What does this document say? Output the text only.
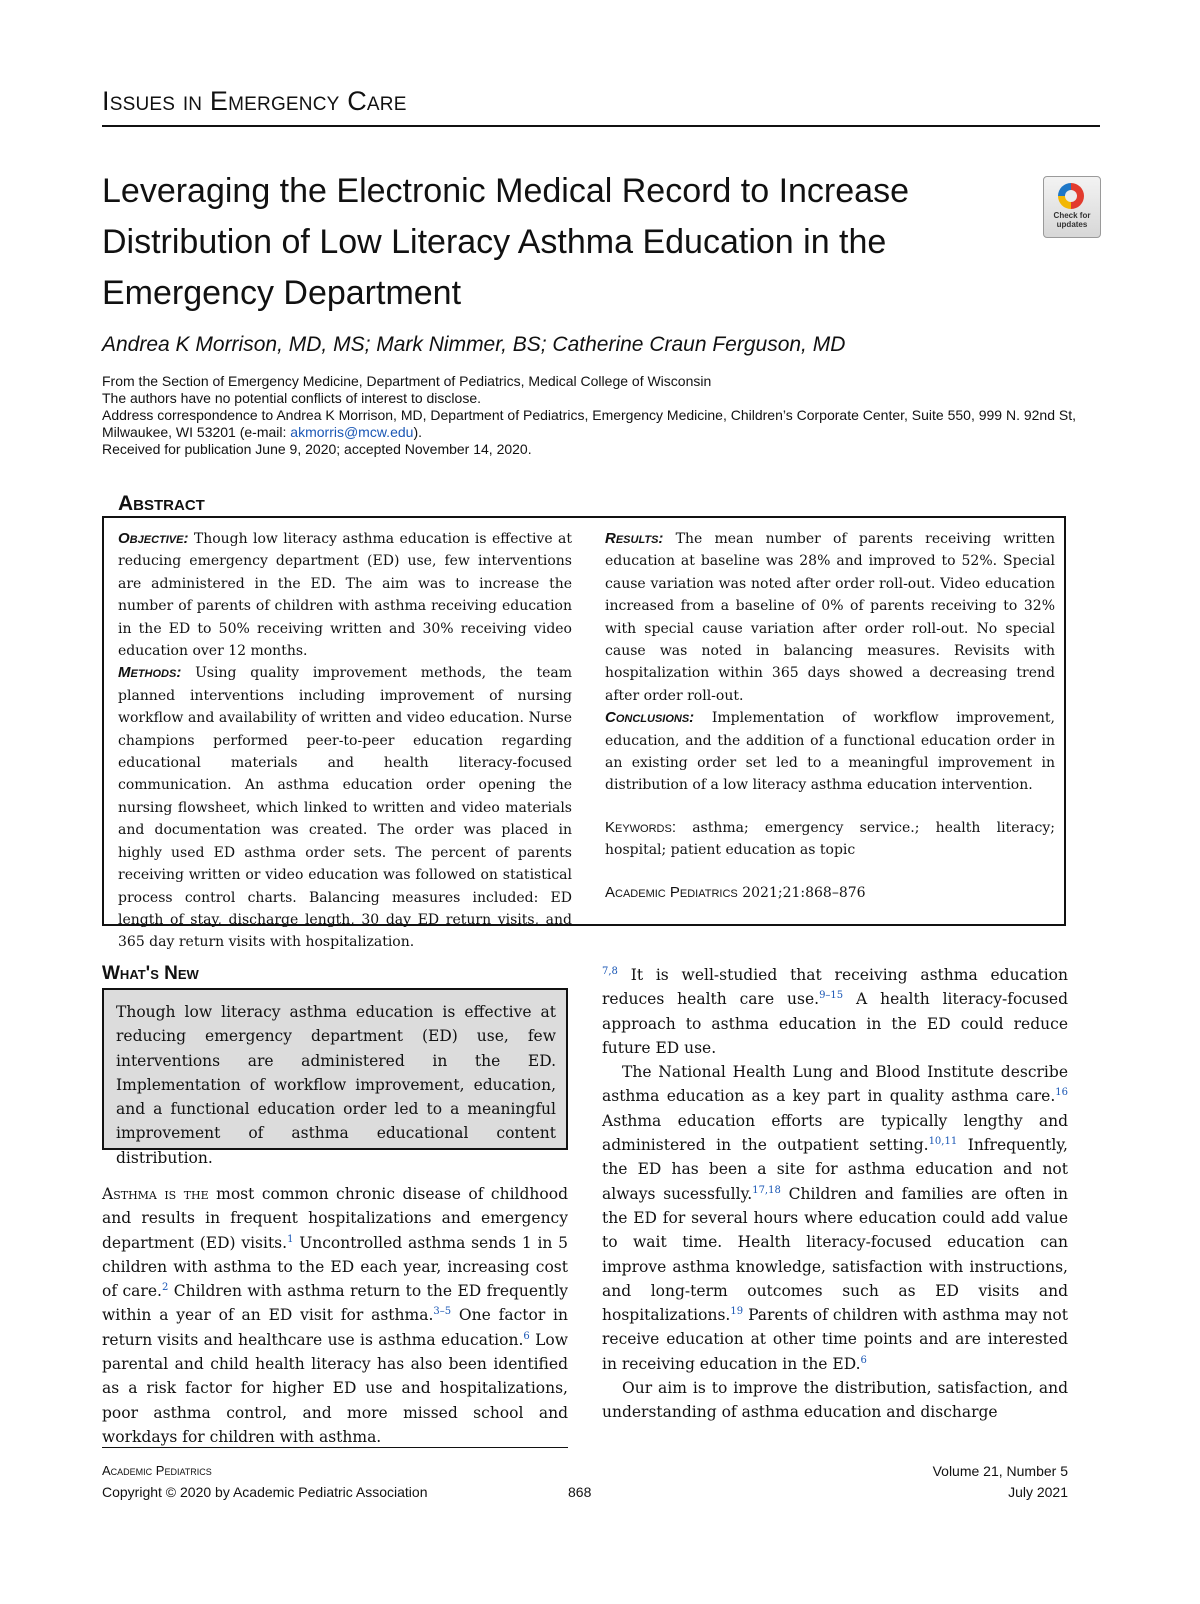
Issues in Emergency Care
Leveraging the Electronic Medical Record to Increase Distribution of Low Literacy Asthma Education in the Emergency Department
Check for updates
Andrea K Morrison, MD, MS; Mark Nimmer, BS; Catherine Craun Ferguson, MD
From the Section of Emergency Medicine, Department of Pediatrics, Medical College of Wisconsin
The authors have no potential conflicts of interest to disclose.
Address correspondence to Andrea K Morrison, MD, Department of Pediatrics, Emergency Medicine, Children’s Corporate Center, Suite 550, 999 N. 92nd St, Milwaukee, WI 53201 (e-mail: akmorris@mcw.edu).
Received for publication June 9, 2020; accepted November 14, 2020.
Abstract

Objective: Though low literacy asthma education is effective at reducing emergency department (ED) use, few interventions are administered in the ED. The aim was to increase the number of parents of children with asthma receiving education in the ED to 50% receiving written and 30% receiving video education over 12 months.

Methods: Using quality improvement methods, the team planned interventions including improvement of nursing workflow and availability of written and video education. Nurse champions performed peer-to-peer education regarding educational materials and health literacy-focused communication. An asthma education order opening the nursing flowsheet, which linked to written and video materials and documentation was created. The order was placed in highly used ED asthma order sets. The percent of parents receiving written or video education was followed on statistical process control charts. Balancing measures included: ED length of stay, discharge length, 30 day ED return visits, and 365 day return visits with hospitalization.

Results: The mean number of parents receiving written education at baseline was 28% and improved to 52%. Special cause variation was noted after order roll-out. Video education increased from a baseline of 0% of parents receiving to 32% with special cause variation after order roll-out. No special cause was noted in balancing measures. Revisits with hospitalization within 365 days showed a decreasing trend after order roll-out.

Conclusions: Implementation of workflow improvement, education, and the addition of a functional education order in an existing order set led to a meaningful improvement in distribution of a low literacy asthma education intervention.

Keywords: asthma; emergency service.; health literacy; hospital; patient education as topic

Academic Pediatrics 2021;21:868–876

What's New
Though low literacy asthma education is effective at reducing emergency department (ED) use, few interventions are administered in the ED. Implementation of workflow improvement, education, and a functional education order led to a meaningful improvement of asthma educational content distribution.

Asthma is the most common chronic disease of childhood and results in frequent hospitalizations and emergency department (ED) visits.$^1$ Uncontrolled asthma sends 1 in 5 children with asthma to the ED each year, increasing cost of care.$^2$ Children with asthma return to the ED frequently within a year of an ED visit for asthma.$^{3-5}$ One factor in return visits and healthcare use is asthma education.$^6$ Low parental and child health literacy has also been identified as a risk factor for higher ED use and hospitalizations, poor asthma control, and more missed school and workdays for children with asthma.

$^{7,8}$ It is well-studied that receiving asthma education reduces health care use.$^{9-15}$ A health literacy-focused approach to asthma education in the ED could reduce future ED use.

The National Health Lung and Blood Institute describe asthma education as a key part in quality asthma care.$^{16}$ Asthma education efforts are typically lengthy and administered in the outpatient setting.$^{10,11}$ Infrequently, the ED has been a site for asthma education and not always sucessfully.$^{17,18}$ Children and families are often in the ED for several hours where education could add value to wait time. Health literacy-focused education can improve asthma knowledge, satisfaction with instructions, and long-term outcomes such as ED visits and hospitalizations.$^{19}$ Parents of children with asthma may not receive education at other time points and are interested in receiving education in the ED.$^6$

Our aim is to improve the distribution, satisfaction, and understanding of asthma education and discharge

Academic Pediatrics
Copyright © 2020 by Academic Pediatric Association	868
Volume 21, Number 5
July 2021
